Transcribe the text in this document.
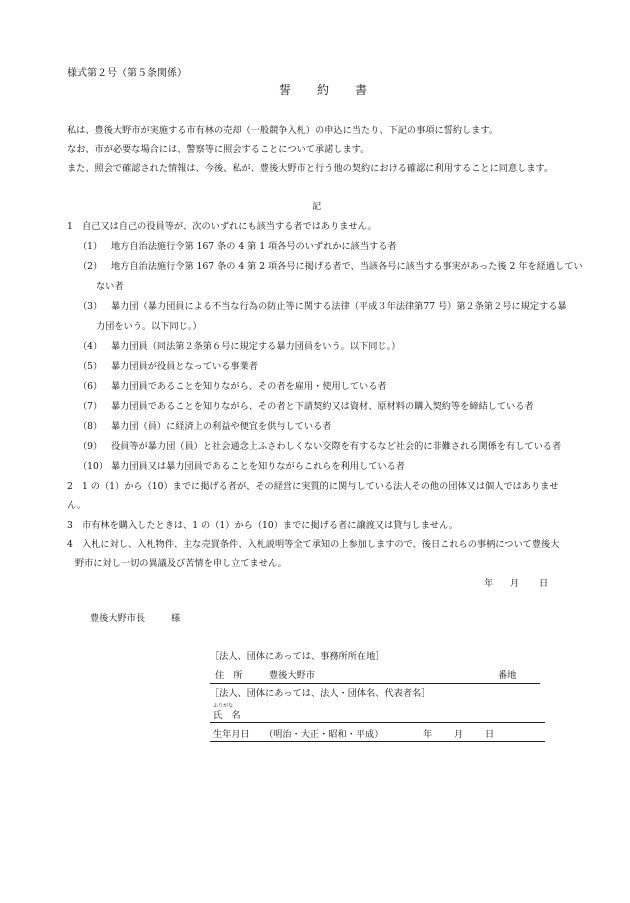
様式第２号（第５条関係）
誓 約 書
私は、豊後大野市が実施する市有林の売却（一般競争入札）の申込に当たり、下記の事項に誓約します。
なお、市が必要な場合には、警察等に照会することについて承諾します。
また、照会で確認された情報は、今後、私が、豊後大野市と行う他の契約における確認に利用することに同意します。
記
1　自己又は自己の役員等が、次のいずれにも該当する者ではありません。
（1） 地方自治法施行令第 167 条の 4 第 1 項各号のいずれかに該当する者
（2） 地方自治法施行令第 167 条の 4 第 2 項各号に掲げる者で、当該各号に該当する事実があった後 2 年を経過してい
ない者
（3） 暴力団（暴力団員による不当な行為の防止等に関する法律（平成３年法律第77 号）第２条第２号に規定する暴
力団をいう。以下同じ。）
（4） 暴力団員（同法第２条第６号に規定する暴力団員をいう。以下同じ。）
（5） 暴力団員が役員となっている事業者
（6） 暴力団員であることを知りながら、その者を雇用・使用している者
（7） 暴力団員であることを知りながら、その者と下請契約又は資材、原材料の購入契約等を締結している者
（8） 暴力団（員）に経済上の利益や便宜を供与している者
（9） 役員等が暴力団（員）と社会通念上ふさわしくない交際を有するなど社会的に非難される関係を有している者
（10） 暴力団員又は暴力団員であることを知りながらこれらを利用している者
2　1 の（1）から（10）までに掲げる者が、その経営に実質的に関与している法人その他の団体又は個人ではありませ
ん。
3　市有林を購入したときは、1 の（1）から（10）までに掲げる者に譲渡又は貸与しません。
4　入札に対し、入札物件、主な売買条件、入札説明等全て承知の上参加しますので、後日これらの事柄について豊後大
野市に対し一切の異議及び苦情を申し立てません。
年 月 日
豊後大野市長	様
［法人、団体にあっては、事務所所在地］
住　所	豊後大野市	番地
［法人、団体にあっては、法人・団体名、代表者名］
ふりがな
氏　名
生年月日 （明治・大正・昭和・平成）	年 月 日
